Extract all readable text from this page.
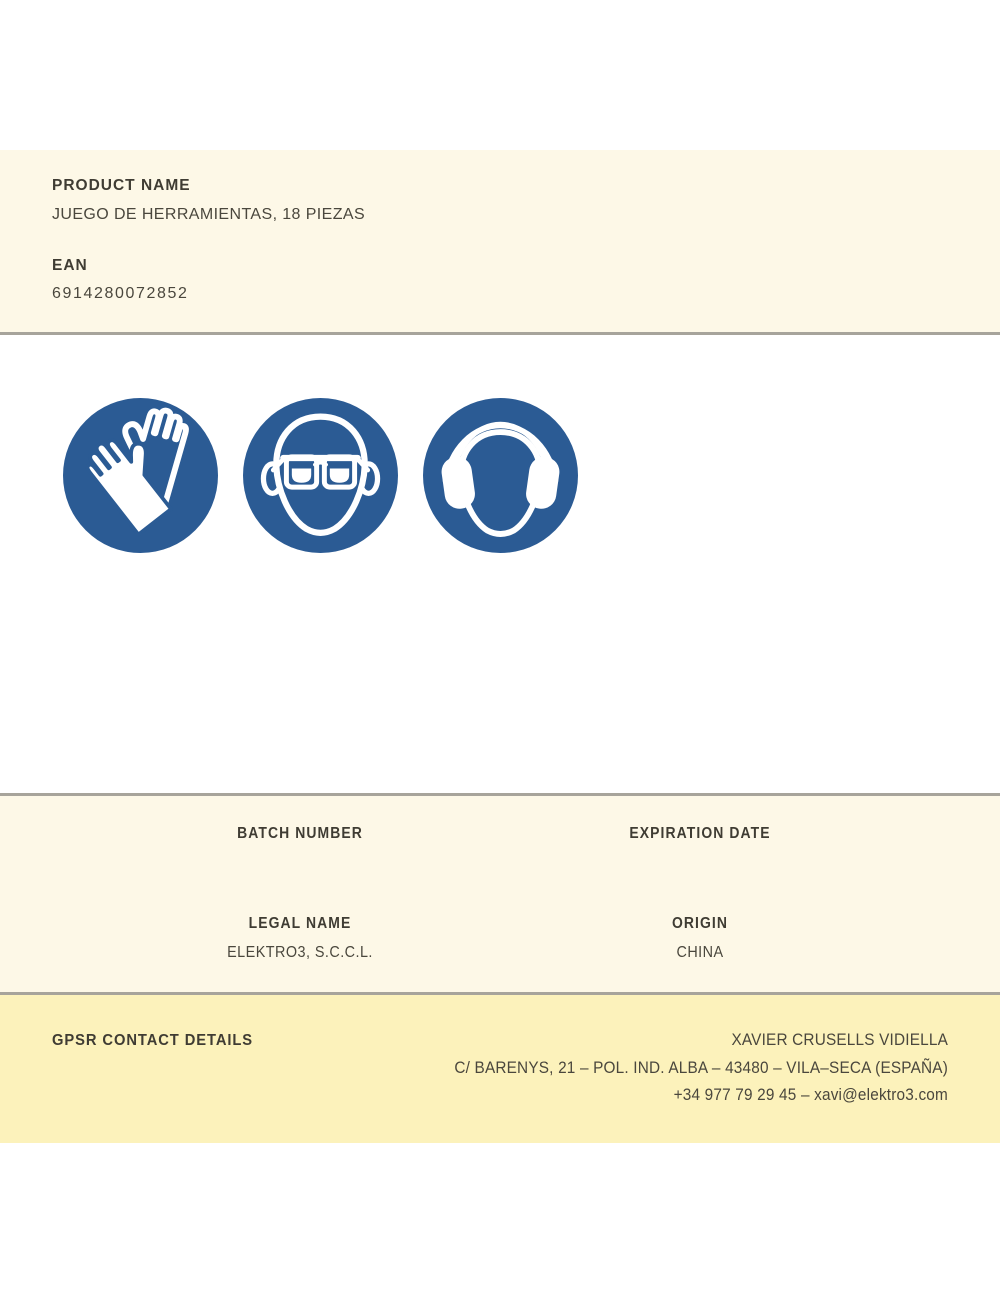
PRODUCT NAME
JUEGO DE HERRAMIENTAS, 18 PIEZAS
EAN
6914280072852
BATCH NUMBER	EXPIRATION DATE
LEGAL NAME
ELEKTRO3, S.C.C.L.
ORIGIN
CHINA
GPSR CONTACT DETAILS	XAVIER CRUSELLS VIDIELLA
C/ BARENYS, 21 – POL. IND. ALBA – 43480 – VILA–SECA (ESPAÑA)
+34 977 79 29 45 – xavi@elektro3.com
